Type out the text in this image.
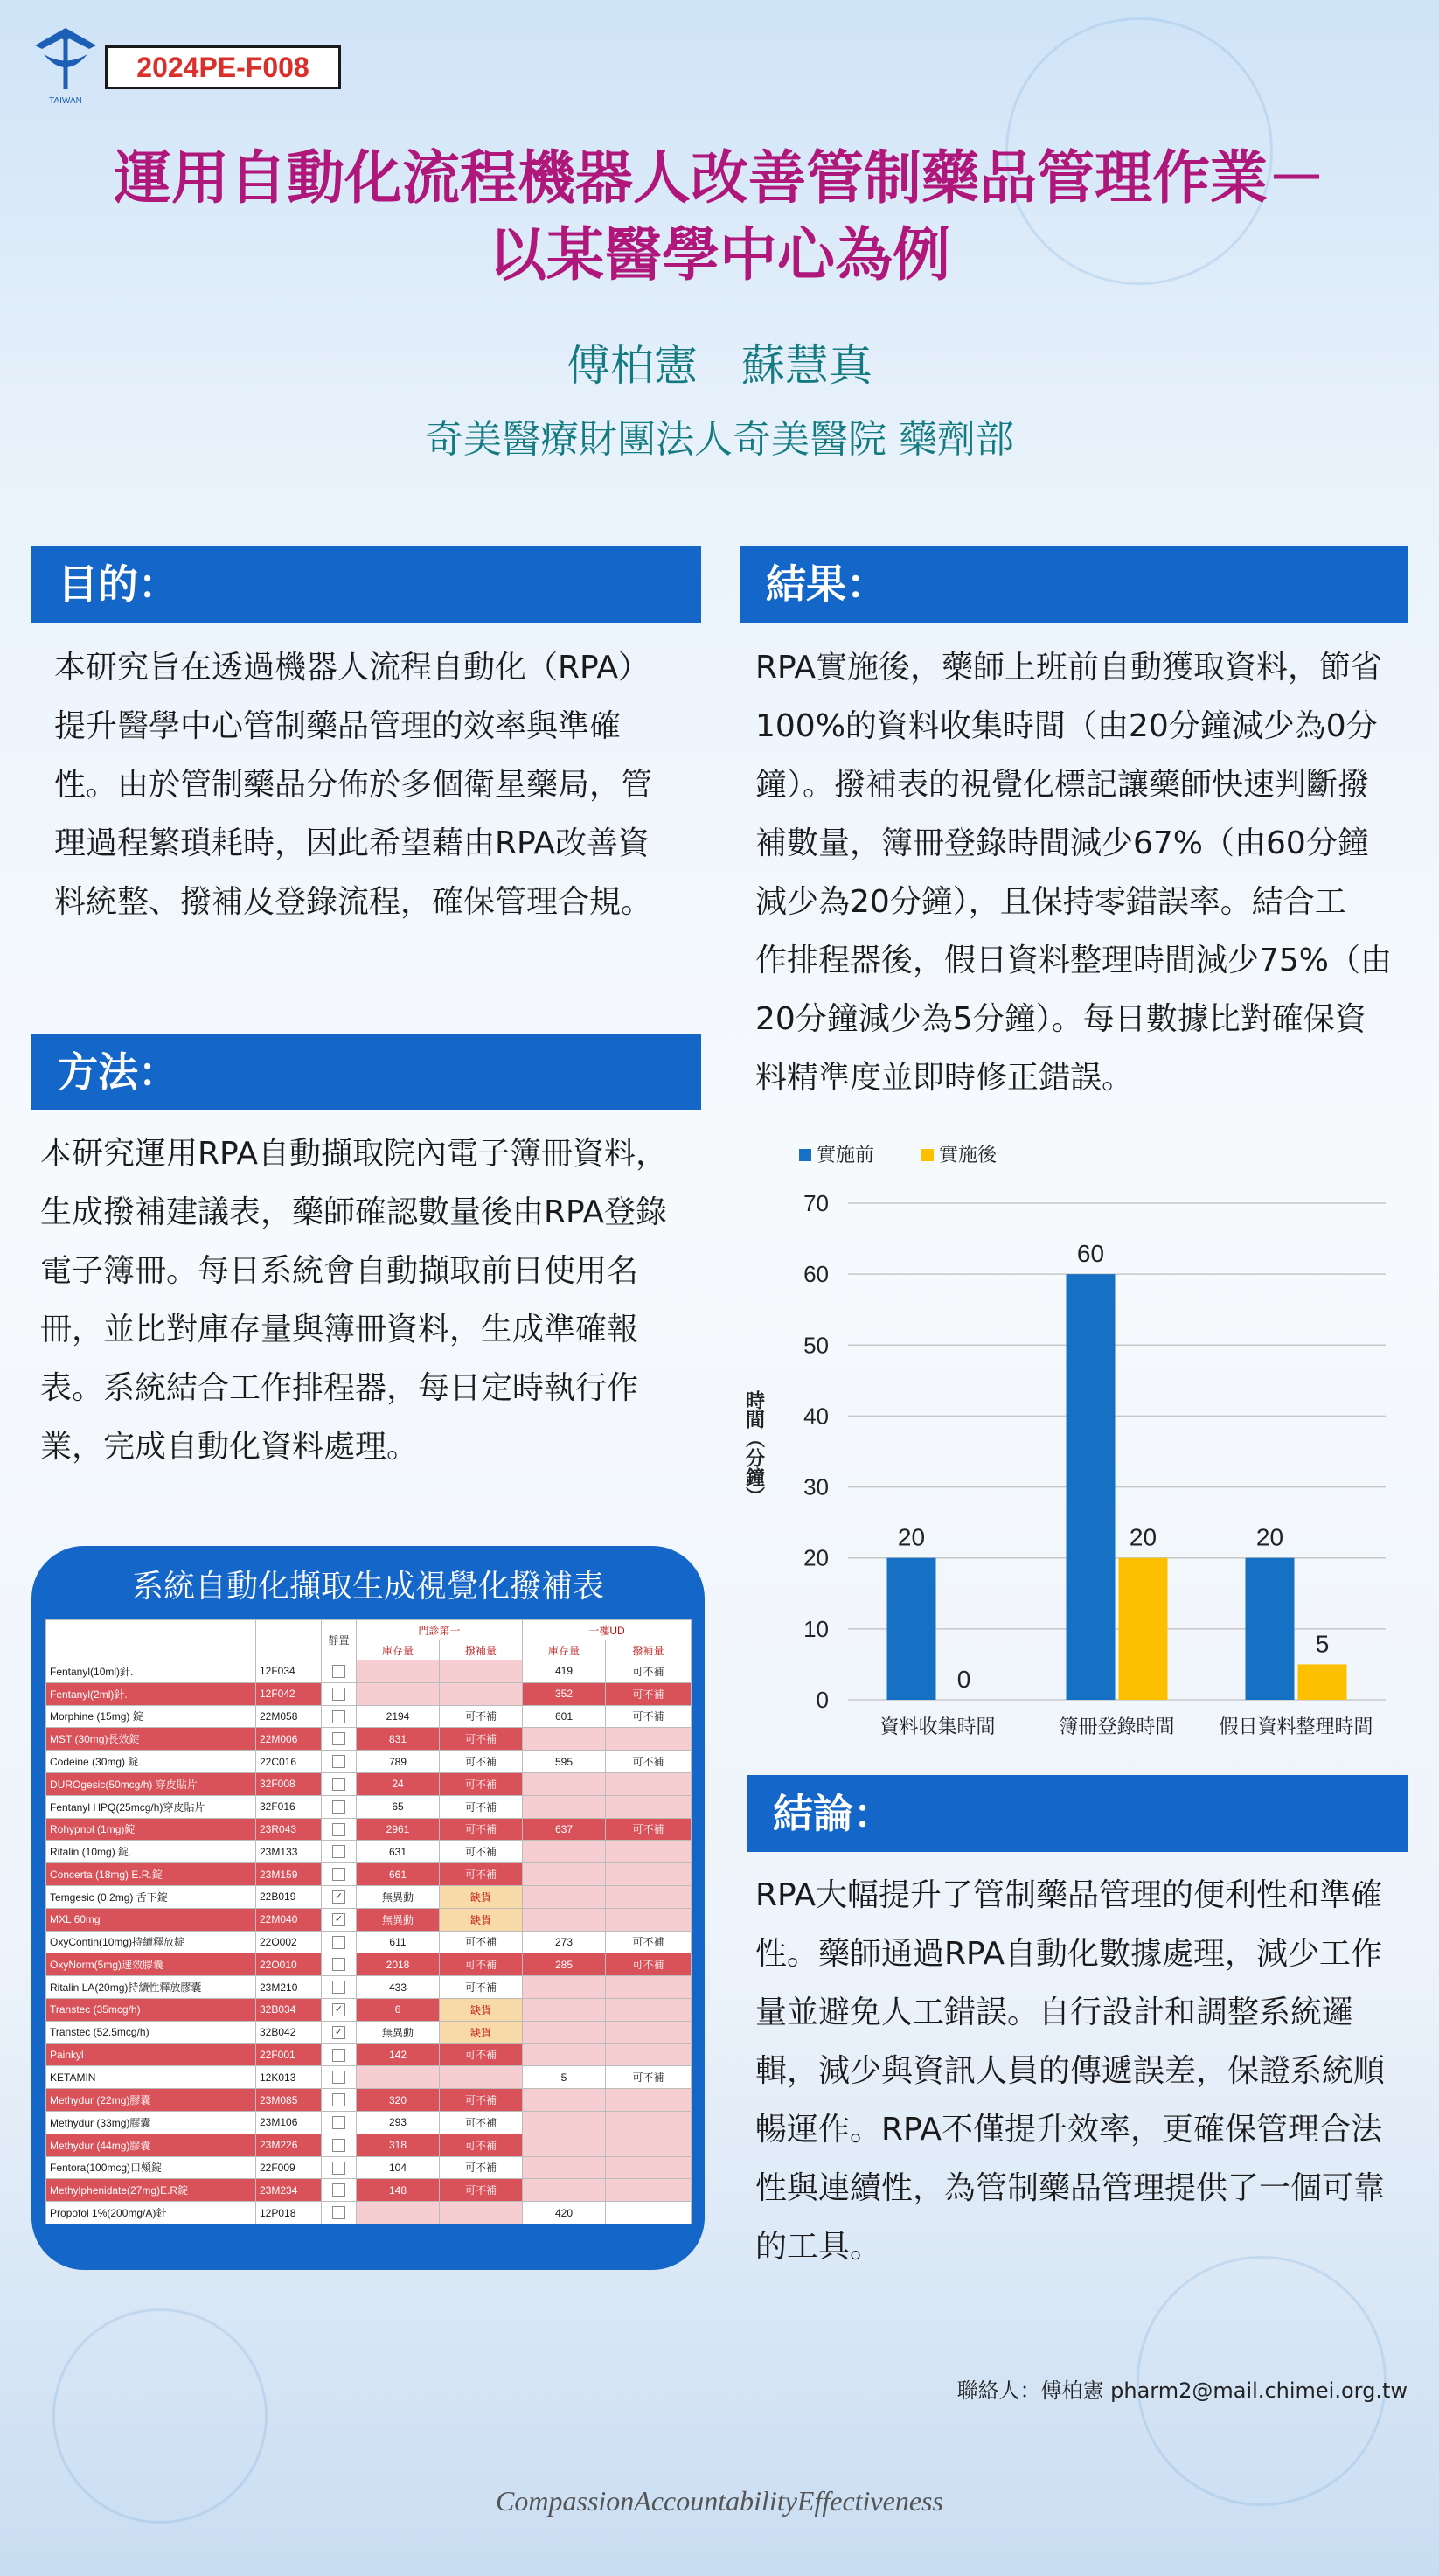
TAIWAN
2024PE-F008
運用自動化流程機器人改善管制藥品管理作業－
以某醫學中心為例
傅柏憲　蘇慧真
奇美醫療財團法人奇美醫院 藥劑部
目的：
本研究旨在透過機器人流程自動化（RPA）
提升醫學中心管制藥品管理的效率與準確
性。由於管制藥品分佈於多個衛星藥局，管
理過程繁瑣耗時，因此希望藉由RPA改善資
料統整、撥補及登錄流程，確保管理合規。
方法：
本研究運用RPA自動擷取院內電子簿冊資料，
生成撥補建議表，藥師確認數量後由RPA登錄
電子簿冊。每日系統會自動擷取前日使用名
冊，並比對庫存量與簿冊資料，生成準確報
表。系統結合工作排程器，每日定時執行作
業，完成自動化資料處理。
結果：
RPA實施後，藥師上班前自動獲取資料，節省
100%的資料收集時間（由20分鐘減少為0分
鐘）。撥補表的視覺化標記讓藥師快速判斷撥
補數量，簿冊登錄時間減少67%（由60分鐘
減少為20分鐘），且保持零錯誤率。結合工
作排程器後，假日資料整理時間減少75%（由
20分鐘減少為5分鐘）。每日數據比對確保資
料精準度並即時修正錯誤。
0
10
20
30
40
50
60
70
時間（分鐘）
20
0
資料收集時間
60
20
簿冊登錄時間
20
5
假日資料整理時間
實施前	實施後
結論：
RPA大幅提升了管制藥品管理的便利性和準確
性。藥師通過RPA自動化數據處理，減少工作
量並避免人工錯誤。自行設計和調整系統邏
輯，減少與資訊人員的傳遞誤差，保證系統順
暢運作。RPA不僅提升效率，更確保管理合法
性與連續性，為管制藥品管理提供了一個可靠
的工具。
系統自動化擷取生成視覺化撥補表
		靜置	門診第一		一樓UD	
			庫存量	撥補量	庫存量	撥補量
Fentanyl(10ml)針.	12F034				419	可不補
Fentanyl(2ml)針.	12F042				352	可不補
Morphine (15mg) 錠	22M058		2194	可不補	601	可不補
MST (30mg)長效錠	22M006		831	可不補		
Codeine (30mg) 錠.	22C016		789	可不補	595	可不補
DUROgesic(50mcg/h) 穿皮貼片	32F008		24	可不補		
Fentanyl HPQ(25mcg/h)穿皮貼片	32F016		65	可不補		
Rohypnol (1mg)錠	23R043		2961	可不補	637	可不補
Ritalin (10mg) 錠.	23M133		631	可不補		
Concerta (18mg) E.R.錠	23M159		661	可不補		
Temgesic (0.2mg) 舌下錠	22B019	✓	無異動	缺貨		
MXL 60mg	22M040	✓	無異動	缺貨		
OxyContin(10mg)持續釋放錠	22O002		611	可不補	273	可不補
OxyNorm(5mg)速效膠囊	22O010		2018	可不補	285	可不補
Ritalin LA(20mg)持續性釋放膠囊	23M210		433	可不補		
Transtec (35mcg/h)	32B034	✓	6	缺貨		
Transtec (52.5mcg/h)	32B042	✓	無異動	缺貨		
Painkyl	22F001		142	可不補		
KETAMIN	12K013				5	可不補
Methydur (22mg)膠囊	23M085		320	可不補		
Methydur (33mg)膠囊	23M106		293	可不補		
Methydur (44mg)膠囊	23M226		318	可不補		
Fentora(100mcg)口頰錠	22F009		104	可不補		
Methylphenidate(27mg)E.R錠	23M234		148	可不補		
Propofol 1%(200mg/A)針	12P018				420	
聯絡人：傅柏憲 pharm2@mail.chimei.org.tw
CompassionAccountabilityEffectiveness
